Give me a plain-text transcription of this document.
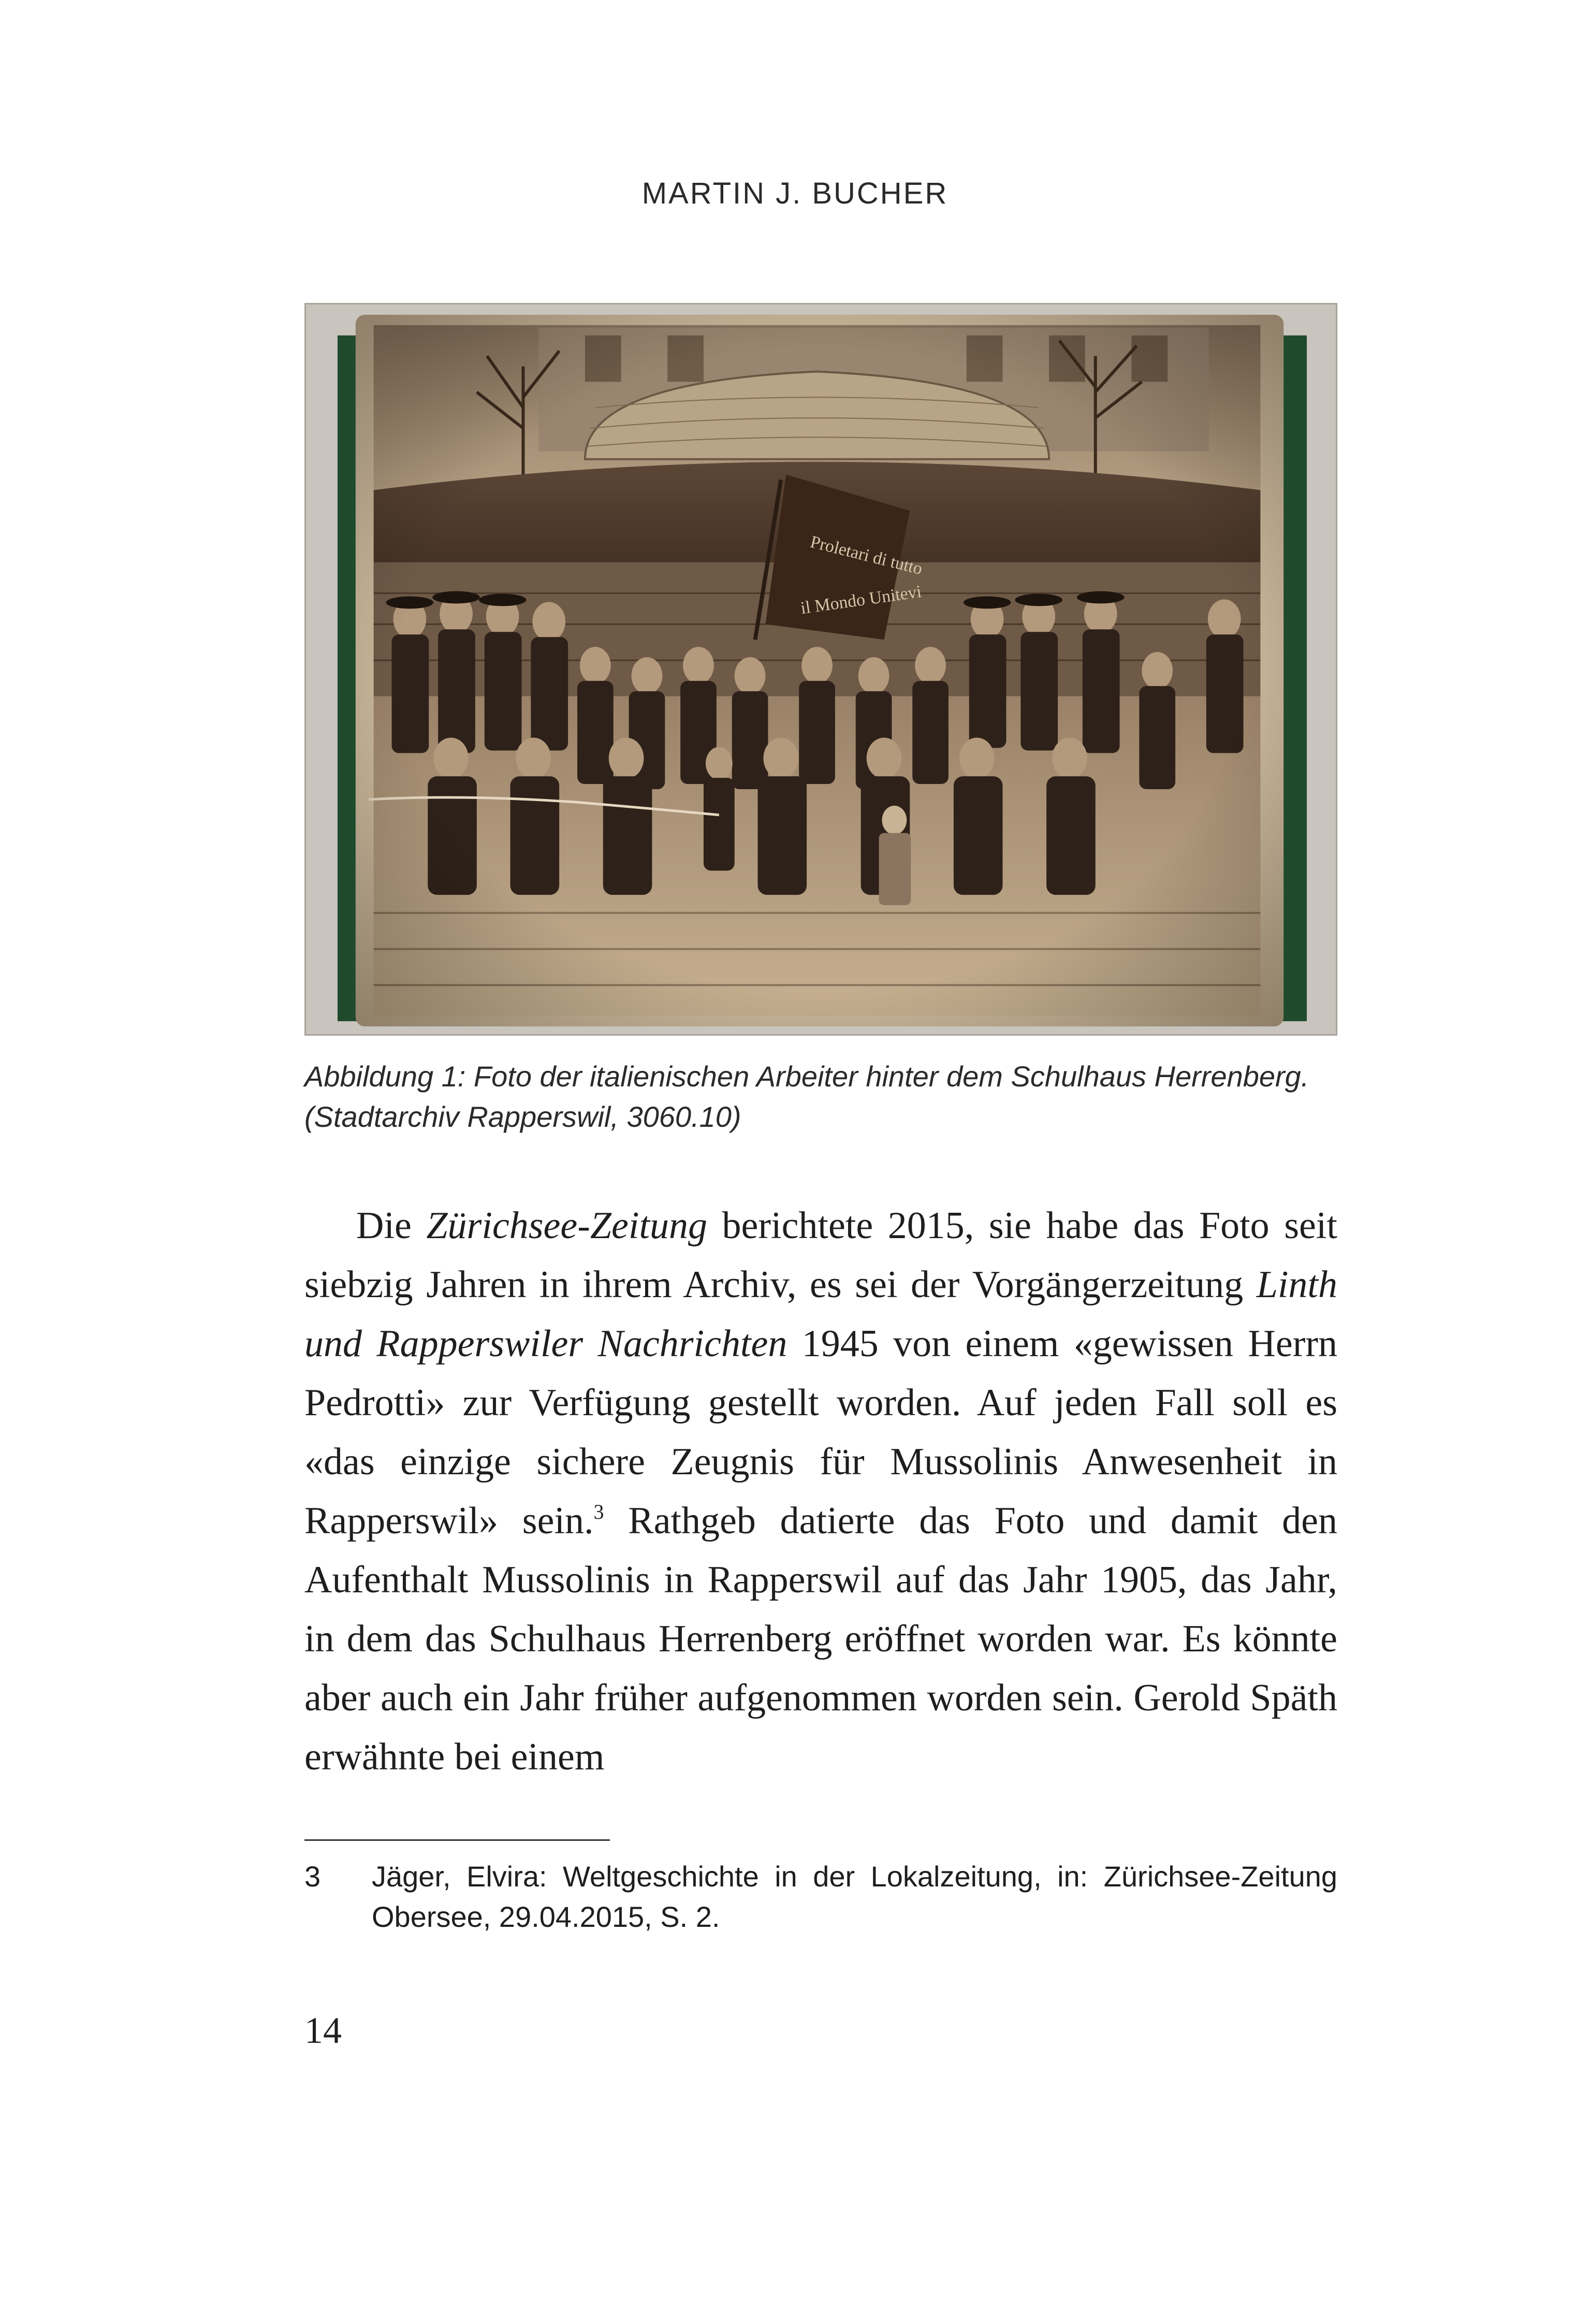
MARTIN J. BUCHER
Abbildung 1: Foto der italienischen Arbeiter hinter dem Schulhaus Herrenberg. (Stadtarchiv Rapperswil, 3060.10)

Die Zürichsee-Zeitung berichtete 2015, sie habe das Foto seit siebzig Jahren in ihrem Archiv, es sei der Vorgängerzeitung Linth und Rapperswiler Nachrichten 1945 von einem «gewissen Herrn Pedrotti» zur Verfügung gestellt worden. Auf jeden Fall soll es «das einzige sichere Zeugnis für Mussolinis Anwesenheit in Rapperswil» sein.$^3$ Rathgeb datierte das Foto und damit den Aufenthalt Mussolinis in Rapperswil auf das Jahr 1905, das Jahr, in dem das Schulhaus Herrenberg eröffnet worden war. Es könnte aber auch ein Jahr früher aufgenommen worden sein. Gerold Späth erwähnte bei einem

3	Jäger, Elvira: Weltgeschichte in der Lokalzeitung, in: Zürichsee-Zeitung Obersee, 29.04.2015, S. 2.
14
